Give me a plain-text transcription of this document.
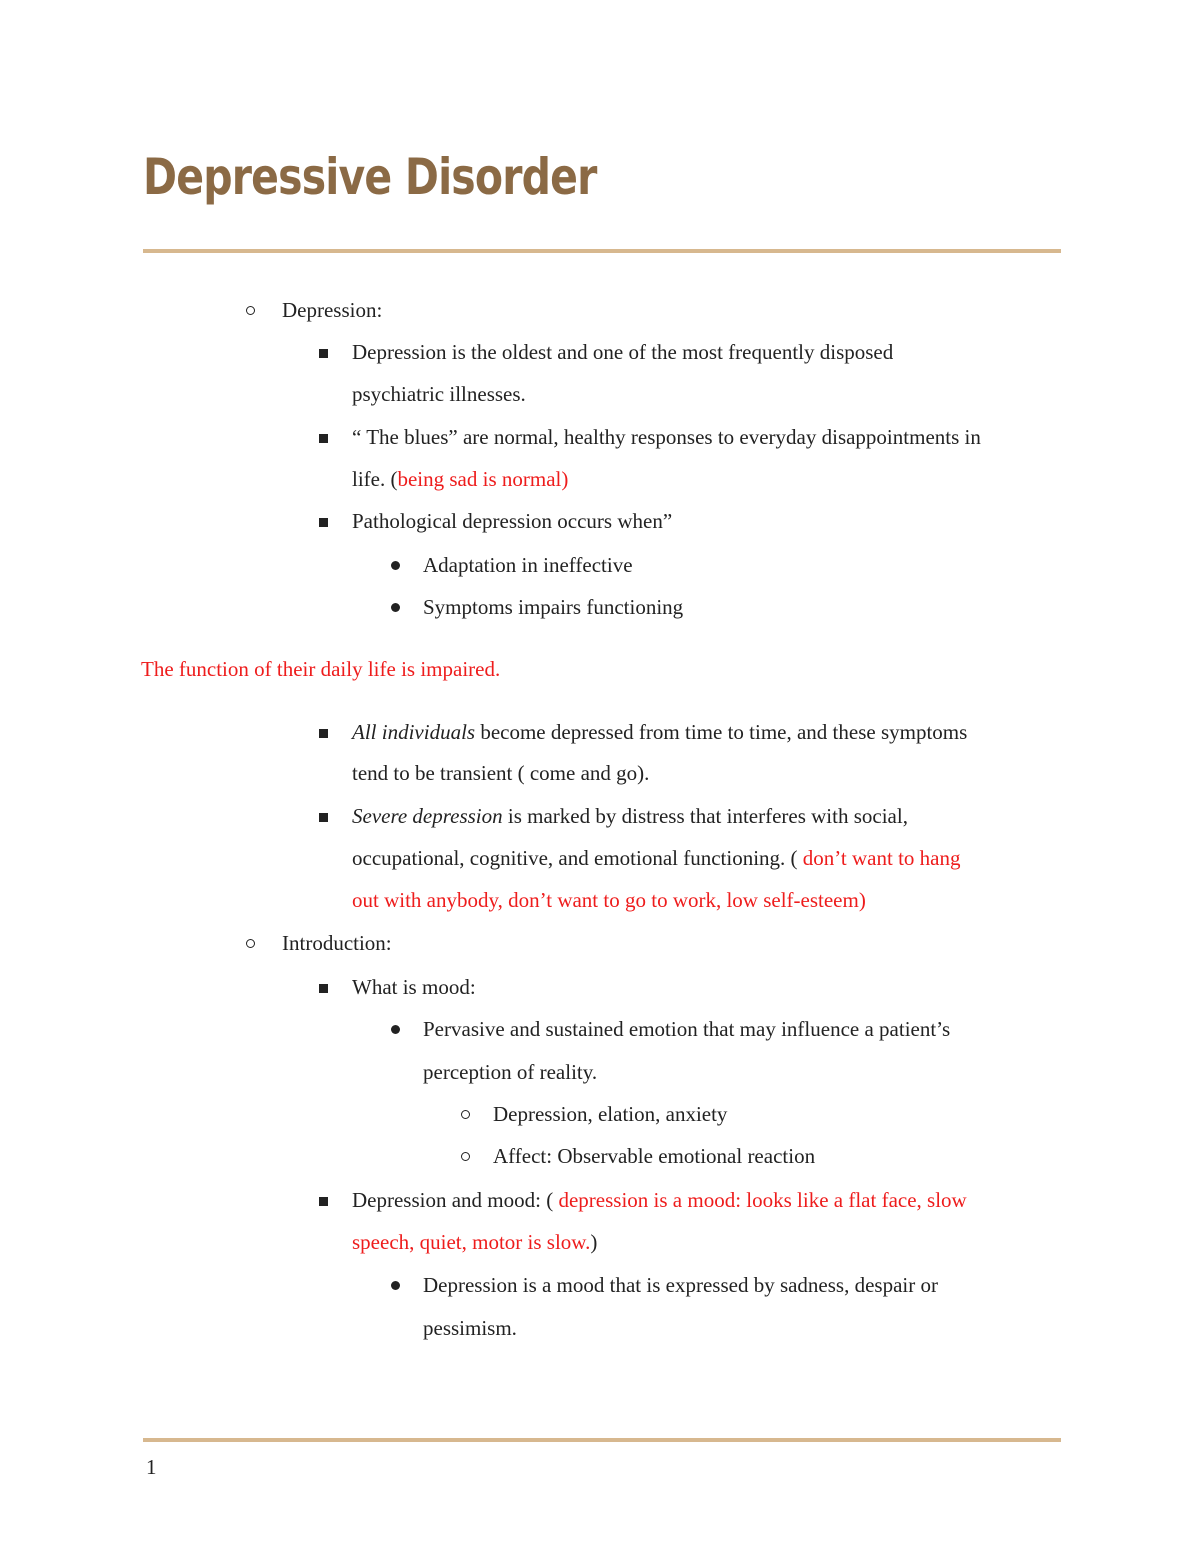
Depressive Disorder
Depression:
Depression is the oldest and one of the most frequently disposed
psychiatric illnesses.
“ The blues” are normal, healthy responses to everyday disappointments in
life. (being sad is normal)
Pathological depression occurs when”
Adaptation in ineffective
Symptoms impairs functioning
The function of their daily life is impaired.
All individuals become depressed from time to time, and these symptoms
tend to be transient ( come and go).
Severe depression is marked by distress that interferes with social,
occupational, cognitive, and emotional functioning. ( don’t want to hang
out with anybody, don’t want to go to work, low self-esteem)
Introduction:
What is mood:
Pervasive and sustained emotion that may influence a patient’s
perception of reality.
Depression, elation, anxiety
Affect: Observable emotional reaction
Depression and mood: ( depression is a mood: looks like a flat face, slow
speech, quiet, motor is slow.)
Depression is a mood that is expressed by sadness, despair or
pessimism.
1
